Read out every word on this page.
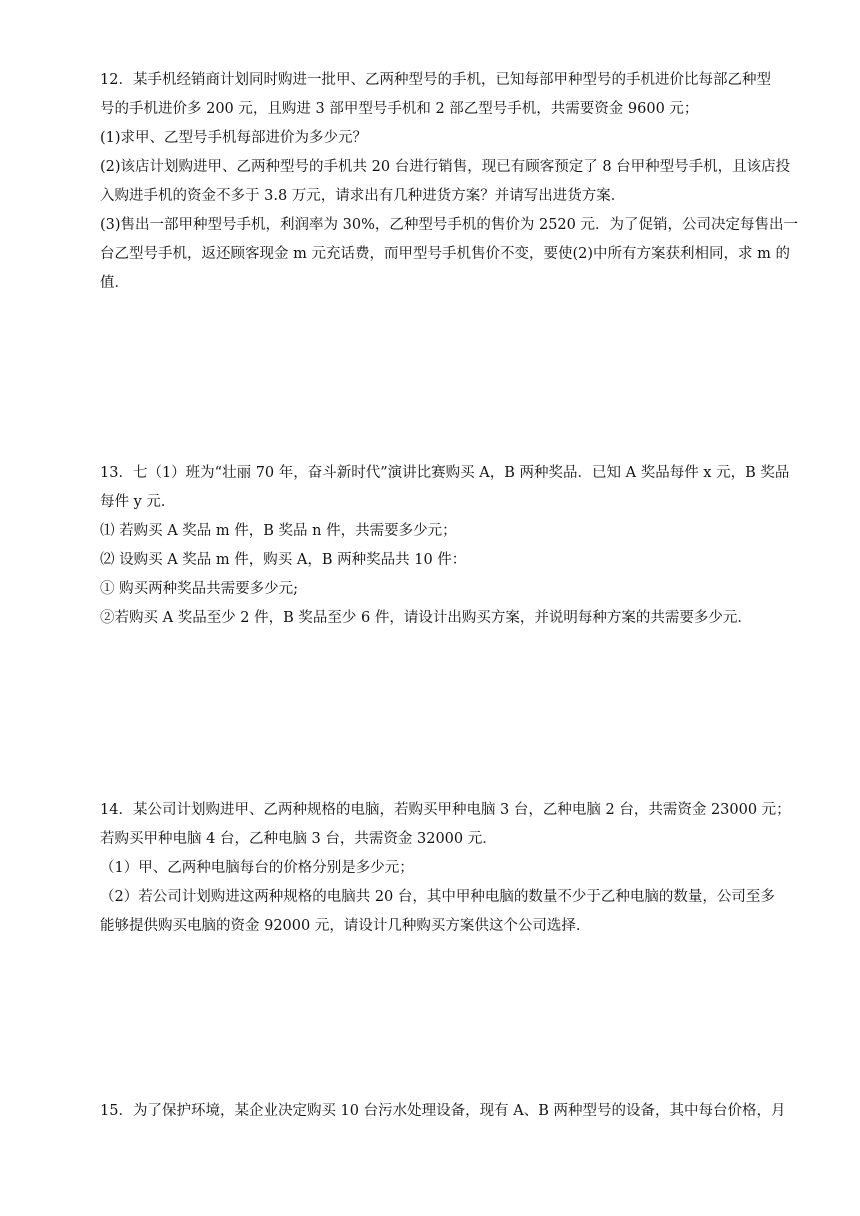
12．某手机经销商计划同时购进一批甲、乙两种型号的手机，已知每部甲种型号的手机进价比每部乙种型
号的手机进价多 200 元，且购进 3 部甲型号手机和 2 部乙型号手机，共需要资金 9600 元；
(1)求甲、乙型号手机每部进价为多少元？
(2)该店计划购进甲、乙两种型号的手机共 20 台进行销售，现已有顾客预定了 8 台甲种型号手机，且该店投
入购进手机的资金不多于 3.8 万元，请求出有几种进货方案？并请写出进货方案．
(3)售出一部甲种型号手机，利润率为 30%，乙种型号手机的售价为 2520 元．为了促销，公司决定每售出一
台乙型号手机，返还顾客现金 m 元充话费，而甲型号手机售价不变，要使(2)中所有方案获利相同，求 m 的
值．
13．七（1）班为“壮丽 70 年，奋斗新时代”演讲比赛购买 A，B 两种奖品．已知 A 奖品每件 x 元，B 奖品
每件 y 元．
⑴ 若购买 A 奖品 m 件，B 奖品 n 件，共需要多少元；
⑵ 设购买 A 奖品 m 件，购买 A，B 两种奖品共 10 件：
① 购买两种奖品共需要多少元;
②若购买 A 奖品至少 2 件，B 奖品至少 6 件，请设计出购买方案，并说明每种方案的共需要多少元．
14．某公司计划购进甲、乙两种规格的电脑，若购买甲种电脑 3 台，乙种电脑 2 台，共需资金 23000 元；
若购买甲种电脑 4 台，乙种电脑 3 台，共需资金 32000 元．
（1）甲、乙两种电脑每台的价格分别是多少元；
（2）若公司计划购进这两种规格的电脑共 20 台，其中甲种电脑的数量不少于乙种电脑的数量，公司至多
能够提供购买电脑的资金 92000 元，请设计几种购买方案供这个公司选择．
15．为了保护环境，某企业决定购买 10 台污水处理设备，现有 A、B 两种型号的设备，其中每台价格，月
